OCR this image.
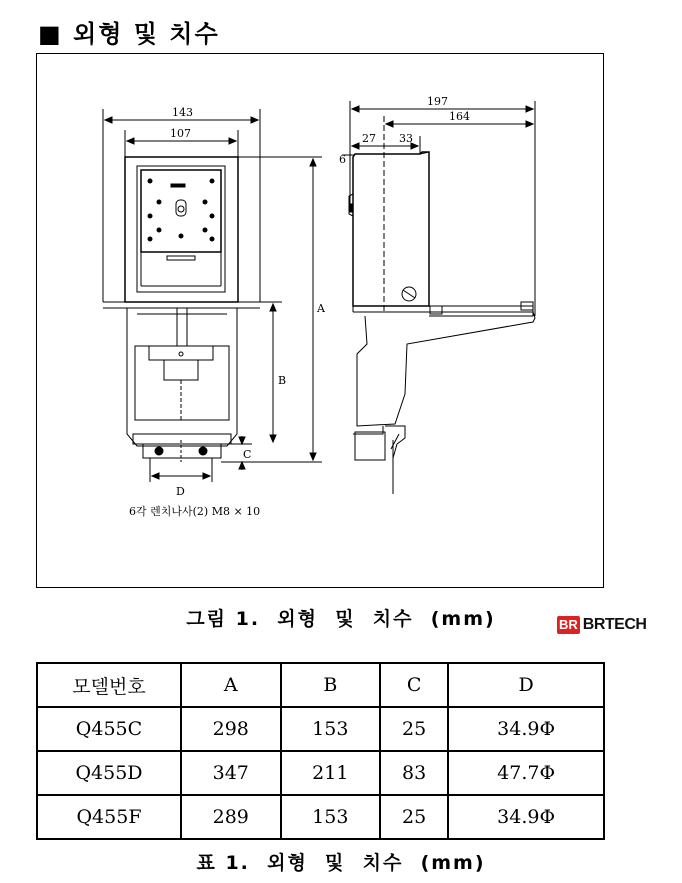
■ 외형 및 치수
143
107
D
6각 렌치나사(2) M8 × 10
A
B
C
197
164
27 33
6
그림 1.  외형  및  치수  (mm)	BR BRTECH
모델번호	A	B	C	D
Q455C	298	153	25	34.9Φ
Q455D	347	211	83	47.7Φ
Q455F	289	153	25	34.9Φ
표 1.  외형  및  치수  (mm)
